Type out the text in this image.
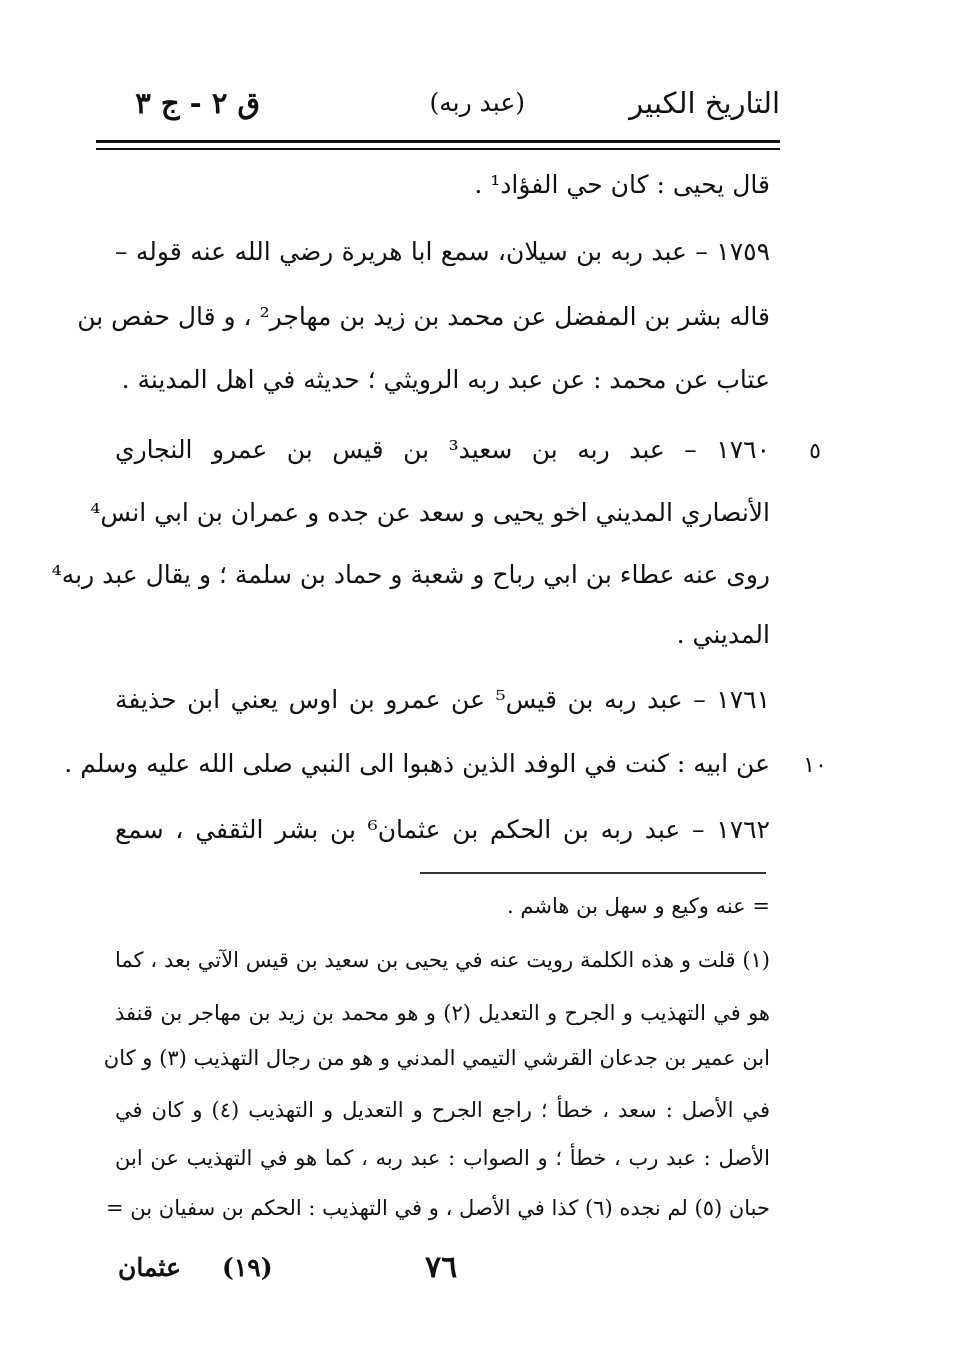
التاريخ الكبير
(عبد ربه)
ق ٢ - ج ٣
قال يحيى : كان حي الفؤاد¹ .
١٧٥٩ – عبد ربه بن سيلان، سمع ابا هريرة رضي الله عنه قوله –
قاله بشر بن المفضل عن محمد بن زيد بن مهاجر² ، و قال حفص بن
عتاب عن محمد : عن عبد ربه الرويثي ؛ حديثه في اهل المدينة .
٥
١٧٦٠ – عبد ربه بن سعيد³ بن قيس بن عمرو النجاري
الأنصاري المديني اخو يحيى و سعد عن جده و عمران بن ابي انس⁴
روى عنه عطاء بن ابي رباح و شعبة و حماد بن سلمة ؛ و يقال عبد ربه⁴
المديني .
١٧٦١ – عبد ربه بن قيس⁵ عن عمرو بن اوس يعني ابن حذيفة
١٠
عن ابيه : كنت في الوفد الذين ذهبوا الى النبي صلى الله عليه وسلم .
١٧٦٢ – عبد ربه بن الحكم بن عثمان⁶ بن بشر الثقفي ، سمع
= عنه وكيع و سهل بن هاشم .
(١) قلت و هذه الكلمة رويت عنه في يحيى بن سعيد بن قيس الآتي بعد ، كما
هو في التهذيب و الجرح و التعديل (٢) و هو محمد بن زيد بن مهاجر بن قنفذ
ابن عمير بن جدعان القرشي التيمي المدني و هو من رجال التهذيب (٣) و كان
في الأصل : سعد ، خطأ ؛ راجع الجرح و التعديل و التهذيب (٤) و كان في
الأصل : عبد رب ، خطأ ؛ و الصواب : عبد ربه ، كما هو في التهذيب عن ابن
حبان (٥) لم نجده (٦) كذا في الأصل ، و في التهذيب : الحكم بن سفيان بن =
٧٦
(١٩)
عثمان
